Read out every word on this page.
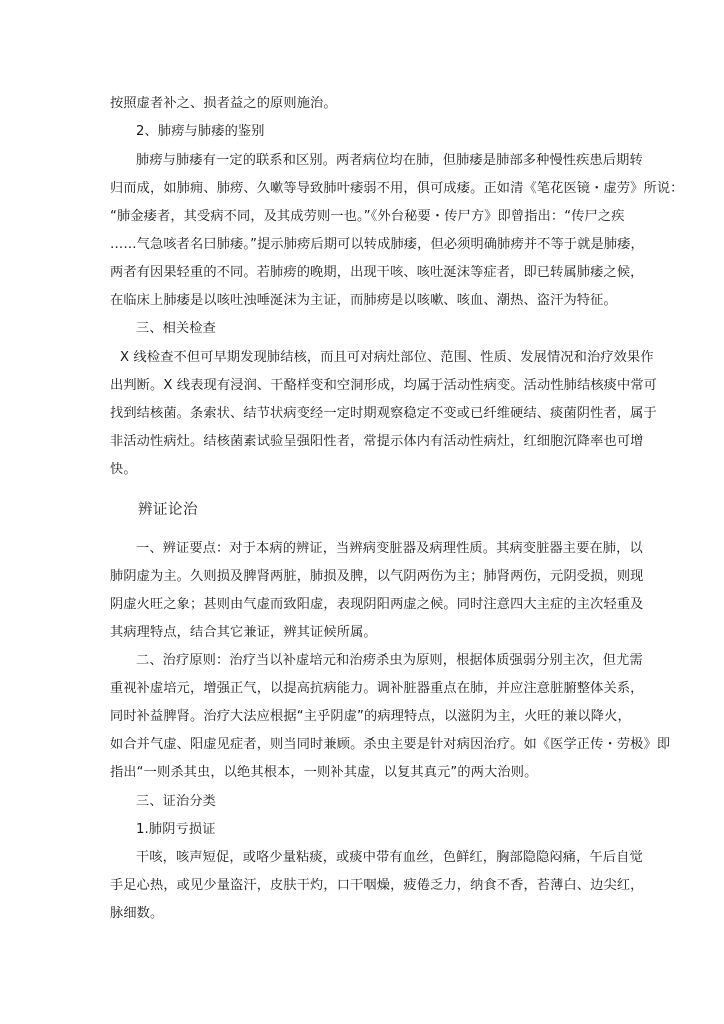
按照虚者补之、损者益之的原则施治。
2、肺痨与肺痿的鉴别
肺痨与肺痿有一定的联系和区别。两者病位均在肺，但肺痿是肺部多种慢性疾患后期转
归而成，如肺痈、肺痨、久嗽等导致肺叶痿弱不用，俱可成痿。正如清《笔花医镜・虚劳》所说：
“肺金痿者，其受病不同，及其成劳则一也。”《外台秘要・传尸方》即曾指出：“传尸之疾
……气急咳者名曰肺痿。”提示肺痨后期可以转成肺痿，但必须明确肺痨并不等于就是肺痿，
两者有因果轻重的不同。若肺痨的晚期，出现干咳、咳吐涎沫等症者，即已转属肺痿之候，
在临床上肺痿是以咳吐浊唾涎沫为主证，而肺痨是以咳嗽、咳血、潮热、盗汗为特征。
三、相关检查
X 线检查不但可早期发现肺结核，而且可对病灶部位、范围、性质、发展情况和治疗效果作
出判断。X 线表现有浸润、干酪样变和空洞形成，均属于活动性病变。活动性肺结核痰中常可
找到结核菌。条索状、结节状病变经一定时期观察稳定不变或已纤维硬结、痰菌阴性者，属于
非活动性病灶。结核菌素试验呈强阳性者，常提示体内有活动性病灶，红细胞沉降率也可增
快。
辨证论治
一、辨证要点：对于本病的辨证，当辨病变脏器及病理性质。其病变脏器主要在肺，以
肺阴虚为主。久则损及脾肾两脏，肺损及脾，以气阴两伤为主；肺肾两伤，元阴受损，则现
阴虚火旺之象；甚则由气虚而致阳虚，表现阴阳两虚之候。同时注意四大主症的主次轻重及
其病理特点，结合其它兼证，辨其证候所属。
二、治疗原则：治疗当以补虚培元和治痨杀虫为原则，根据体质强弱分别主次，但尤需
重视补虚培元，增强正气，以提高抗病能力。调补脏器重点在肺，并应注意脏腑整体关系，
同时补益脾肾。治疗大法应根据“主乎阴虚”的病理特点，以滋阴为主，火旺的兼以降火，
如合并气虚、阳虚见症者，则当同时兼顾。杀虫主要是针对病因治疗。如《医学正传・劳极》即
指出“一则杀其虫，以绝其根本，一则补其虚，以复其真元”的两大治则。
三、证治分类
1.肺阴亏损证
干咳，咳声短促，或咯少量粘痰，或痰中带有血丝，色鲜红，胸部隐隐闷痛，午后自觉
手足心热，或见少量盗汗，皮肤干灼，口干咽燥，疲倦乏力，纳食不香，苔薄白、边尖红，
脉细数。
